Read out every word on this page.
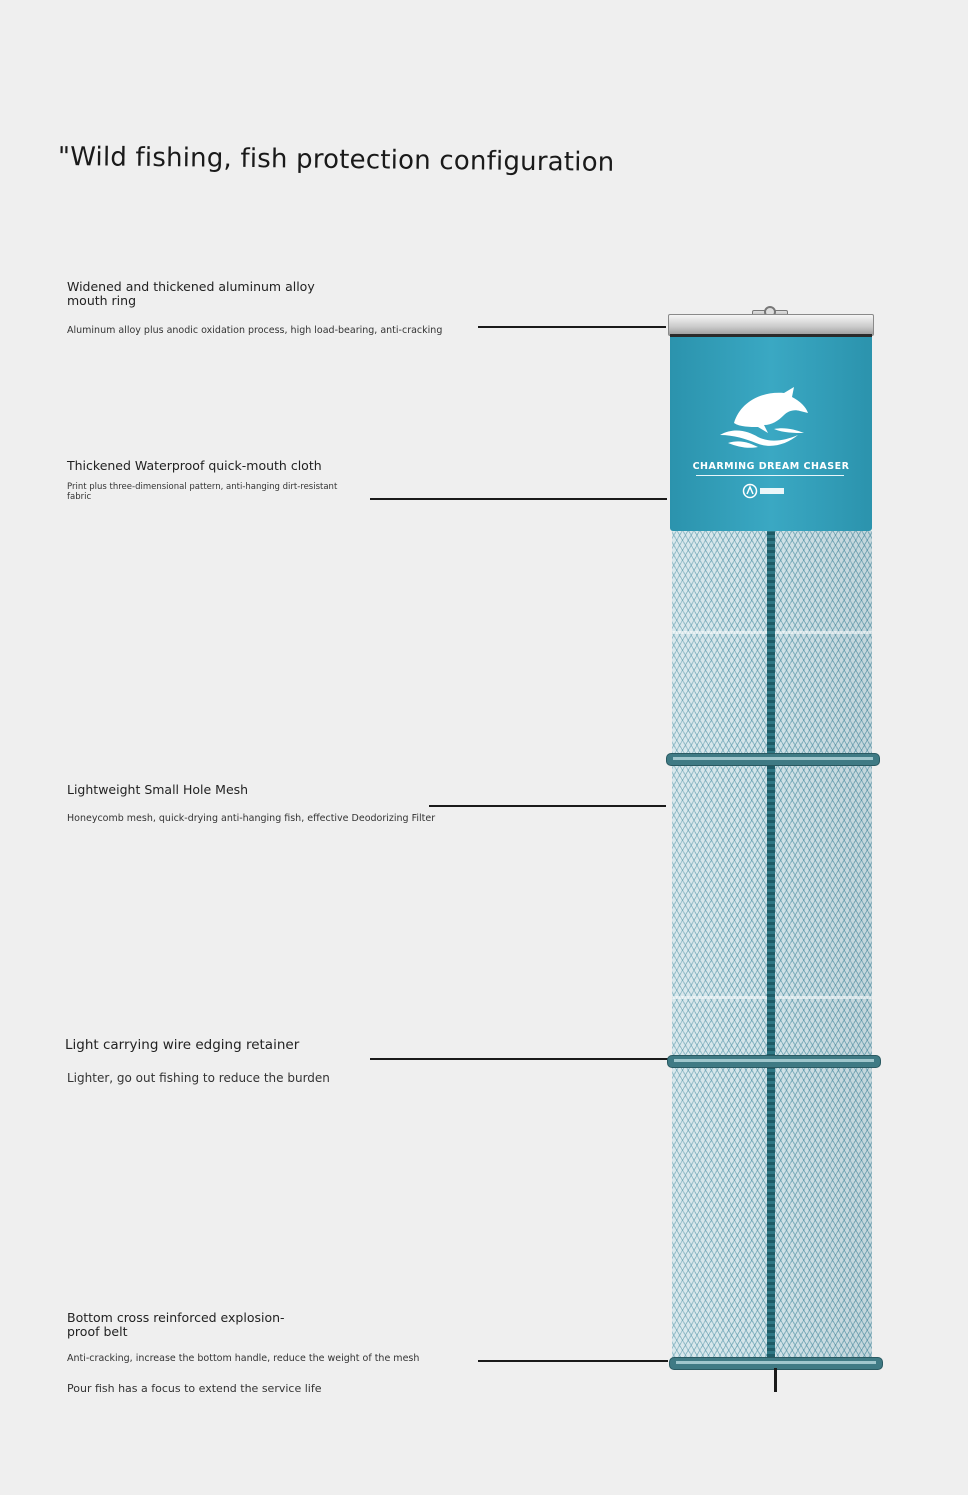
"Wild fishing, fish protection configuration
Widened and thickened aluminum alloy mouth ring
Aluminum alloy plus anodic oxidation process, high load-bearing, anti-cracking
Thickened Waterproof quick-mouth cloth
Print plus three-dimensional pattern, anti-hanging dirt-resistant fabric
Lightweight Small Hole Mesh
Honeycomb mesh, quick-drying anti-hanging fish, effective Deodorizing Filter
Light carrying wire edging retainer
Lighter, go out fishing to reduce the burden
Bottom cross reinforced explosion-proof belt
Anti-cracking, increase the bottom handle, reduce the weight of the mesh
Pour fish has a focus to extend the service life
CHARMING DREAM CHASER
